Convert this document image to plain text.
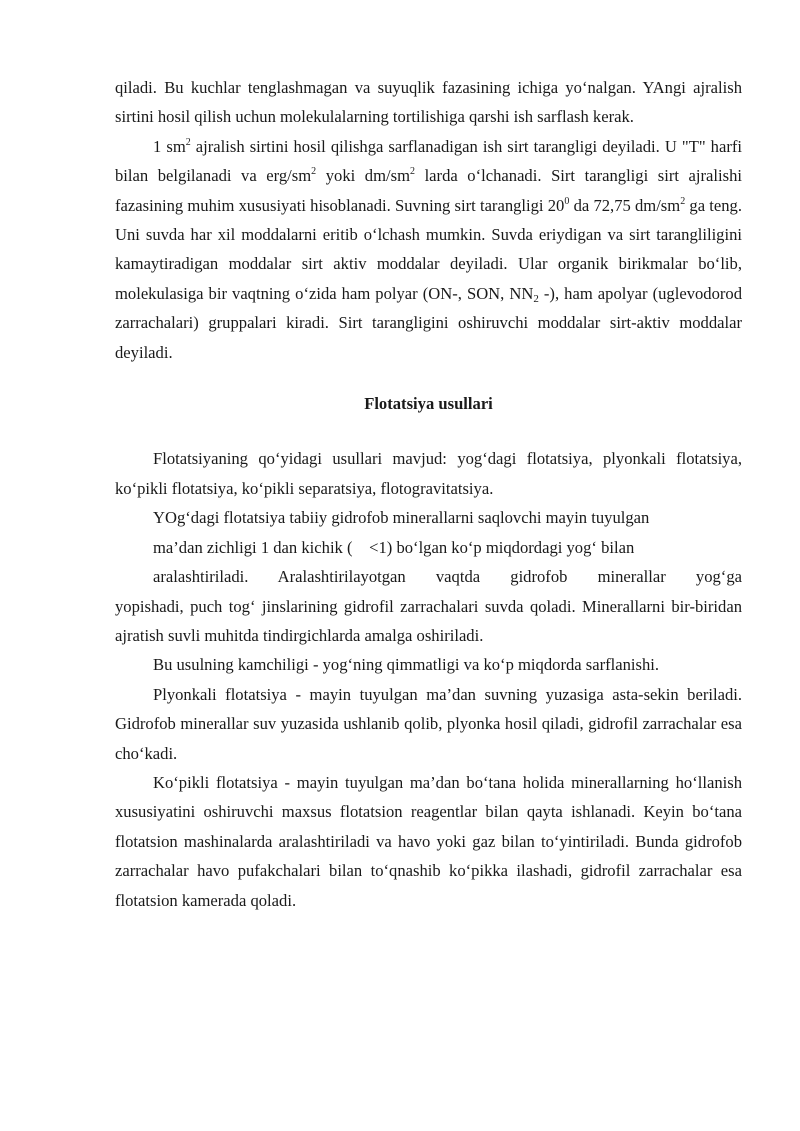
qiladi. Bu kuchlar tenglashmagan va suyuqlik fazasining ichiga yo‘nalgan. YAngi ajralish sirtini hosil qilish uchun molekulalarning tortilishiga qarshi ish sarflash kerak.

1 $sm^2$ ajralish sirtini hosil qilishga sarflanadigan ish sirt tarangligi deyiladi. U "T" harfi bilan belgilanadi va erg/$sm^2$ yoki $dm/sm^2$ larda o‘lchanadi. Sirt tarangligi sirt ajralishi fazasining muhim xususiyati hisoblanadi. Suvning sirt tarangligi $20^0$ da 72,75 $dm/sm^2$ ga teng. Uni suvda har xil moddalarni eritib o‘lchash mumkin. Suvda eriydigan va sirt tarangliligini kamaytiradigan moddalar sirt aktiv moddalar deyiladi. Ular organik birikmalar bo‘lib, molekulasiga bir vaqtning o‘zida ham polyar (ON-, SON, $NN_2$ -), ham apolyar (uglevodorod zarrachalari) gruppalari kiradi. Sirt tarangligini oshiruvchi moddalar sirt-aktiv moddalar deyiladi.

Flotatsiya usullari

Flotatsiyaning qo‘yidagi usullari mavjud: yog‘dagi flotatsiya, plyonkali flotatsiya, ko‘pikli flotatsiya, ko‘pikli separatsiya, flotogravitatsiya.

YOg‘dagi flotatsiya tabiiy gidrofob minerallarni saqlovchi mayin tuyulgan

ma’dan zichligi 1 dan kichik ( <1) bo‘lgan ko‘p miqdordagi yog‘ bilan

aralashtiriladi. Aralashtirilayotgan vaqtda gidrofob minerallar yog‘ga

yopishadi, puch tog‘ jinslarining gidrofil zarrachalari suvda qoladi. Minerallarni bir-biridan ajratish suvli muhitda tindirgichlarda amalga oshiriladi.

Bu usulning kamchiligi - yog‘ning qimmatligi va ko‘p miqdorda sarflanishi.

Plyonkali flotatsiya - mayin tuyulgan ma’dan suvning yuzasiga asta-sekin beriladi. Gidrofob minerallar suv yuzasida ushlanib qolib, plyonka hosil qiladi, gidrofil zarrachalar esa cho‘kadi.

Ko‘pikli flotatsiya - mayin tuyulgan ma’dan bo‘tana holida minerallarning ho‘llanish xususiyatini oshiruvchi maxsus flotatsion reagentlar bilan qayta ishlanadi. Keyin bo‘tana flotatsion mashinalarda aralashtiriladi va havo yoki gaz bilan to‘yintiriladi. Bunda gidrofob zarrachalar havo pufakchalari bilan to‘qnashib ko‘pikka ilashadi, gidrofil zarrachalar esa flotatsion kamerada qoladi.
